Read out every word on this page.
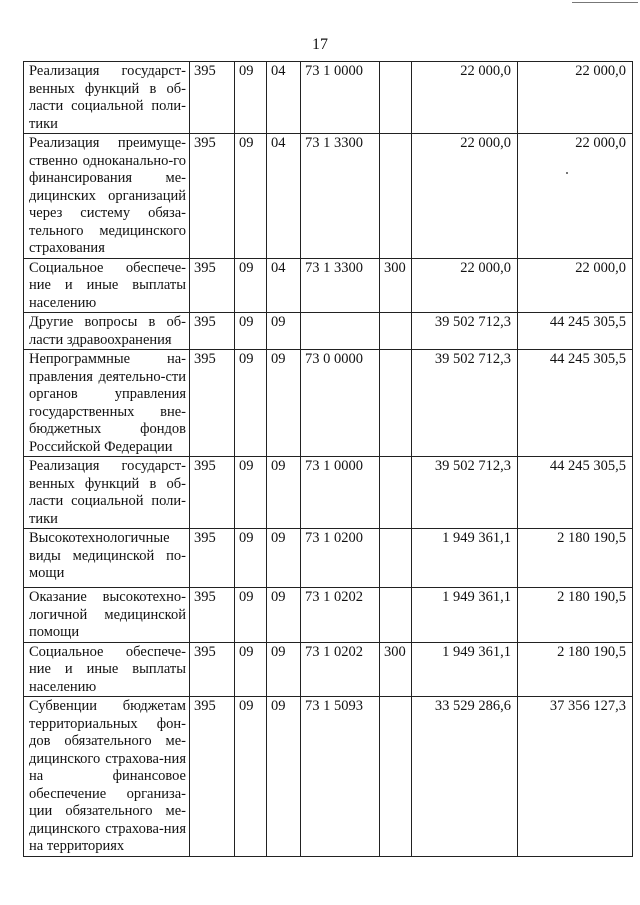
17
Реализация государст-венных функций в об-ласти социальной поли-тики	395	09	04	73 1 0000		22 000,0	22 000,0
Реализация преимуще-ственно одноканально-го финансирования ме-дицинских организаций через систему обяза-тельного медицинского страхования	395	09	04	73 1 3300		22 000,0	22 000,0
Социальное обеспече-ние и иные выплаты населению	395	09	04	73 1 3300	300	22 000,0	22 000,0
Другие вопросы в об-ласти здравоохранения	395	09	09			39 502 712,3	44 245 305,5
Непрограммные на-правления деятельно-сти органов управления государственных вне-бюджетных фондов Российской Федерации	395	09	09	73 0 0000		39 502 712,3	44 245 305,5
Реализация государст-венных функций в об-ласти социальной поли-тики	395	09	09	73 1 0000		39 502 712,3	44 245 305,5
Высокотехнологичные виды медицинской по-мощи	395	09	09	73 1 0200		1 949 361,1	2 180 190,5
Оказание высокотехно-логичной медицинской помощи	395	09	09	73 1 0202		1 949 361,1	2 180 190,5
Социальное обеспече-ние и иные выплаты населению	395	09	09	73 1 0202	300	1 949 361,1	2 180 190,5
Субвенции бюджетам территориальных фон-дов обязательного ме-дицинского страхова-ния на финансовое обеспечение организа-ции обязательного ме-дицинского страхова-ния на территориях	395	09	09	73 1 5093		33 529 286,6	37 356 127,3
